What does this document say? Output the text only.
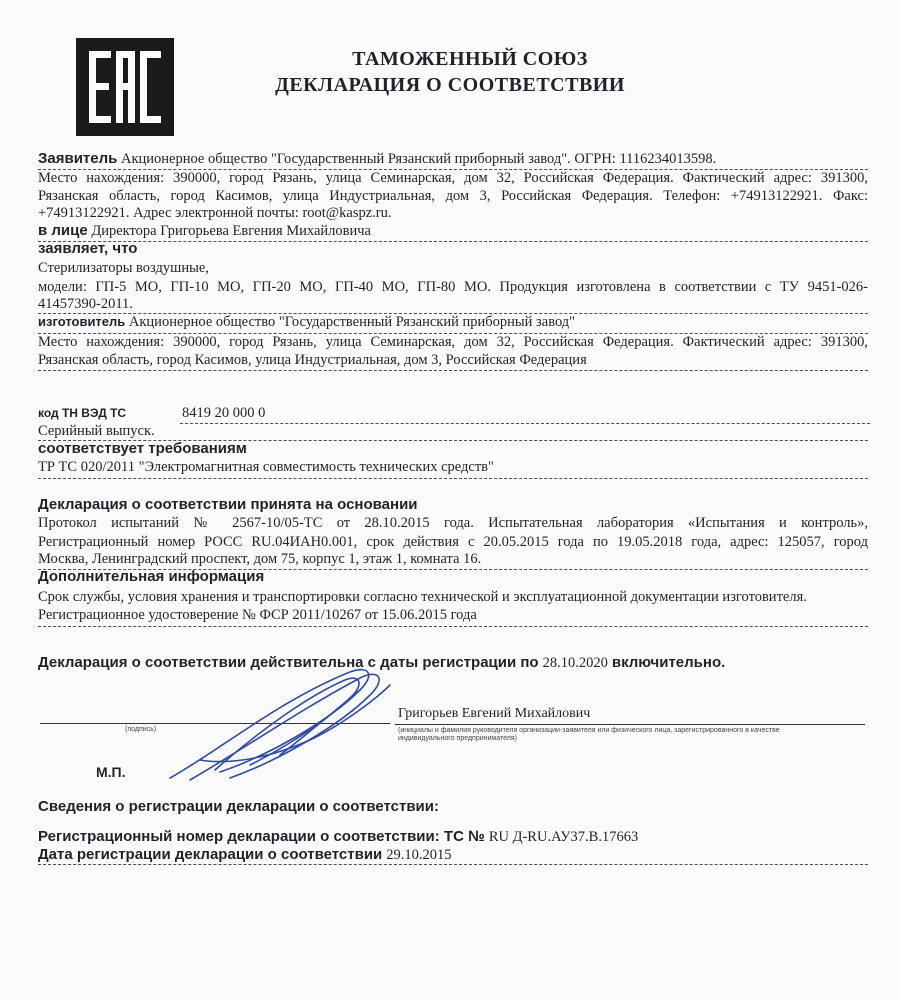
ТАМОЖЕННЫЙ СОЮЗ
ДЕКЛАРАЦИЯ О СООТВЕТСТВИИ
Заявитель Акционерное общество "Государственный Рязанский приборный завод". ОГРН: 1116234013598.
Место нахождения: 390000, город Рязань, улица Семинарская, дом 32, Российская Федерация. Фактический адрес: 391300,
Рязанская область, город Касимов, улица Индустриальная, дом 3, Российская Федерация. Телефон: +74913122921. Факс:
+74913122921. Адрес электронной почты: root@kaspz.ru.
в лице Директора Григорьева Евгения Михайловича
заявляет, что
Стерилизаторы воздушные,
модели: ГП-5 МО, ГП-10 МО, ГП-20 МО, ГП-40 МО, ГП-80 МО. Продукция изготовлена в соответствии с ТУ 9451-026-
41457390-2011.
изготовитель Акционерное общество "Государственный Рязанский приборный завод"
Место нахождения: 390000, город Рязань, улица Семинарская, дом 32, Российская Федерация. Фактический адрес: 391300,
Рязанская область, город Касимов, улица Индустриальная, дом 3, Российская Федерация
код ТН ВЭД ТС	8419 20 000 0
Серийный выпуск.
соответствует требованиям
ТР ТС 020/2011 "Электромагнитная совместимость технических средств"
Декларация о соответствии принята на основании
Протокол испытаний № 2567-10/05-ТС от 28.10.2015 года. Испытательная лаборатория «Испытания и контроль»,
Регистрационный номер РОСС RU.04ИАН0.001, срок действия с 20.05.2015 года по 19.05.2018 года, адрес: 125057, город
Москва, Ленинградский проспект, дом 75, корпус 1, этаж 1, комната 16.
Дополнительная информация
Срок службы, условия хранения и транспортировки согласно технической и эксплуатационной документации изготовителя.
Регистрационное удостоверение № ФСР 2011/10267 от 15.06.2015 года
Декларация о соответствии действительна с даты регистрации по 28.10.2020 включительно.
(подпись)
Григорьев Евгений Михайлович
(инициалы и фамилия руководителя организации-заявителя или физического лица, зарегистрированного в качестве индивидуального предпринимателя)
М.П.
Сведения о регистрации декларации о соответствии:
Регистрационный номер декларации о соответствии: ТС № RU Д-RU.АУ37.В.17663
Дата регистрации декларации о соответствии 29.10.2015
